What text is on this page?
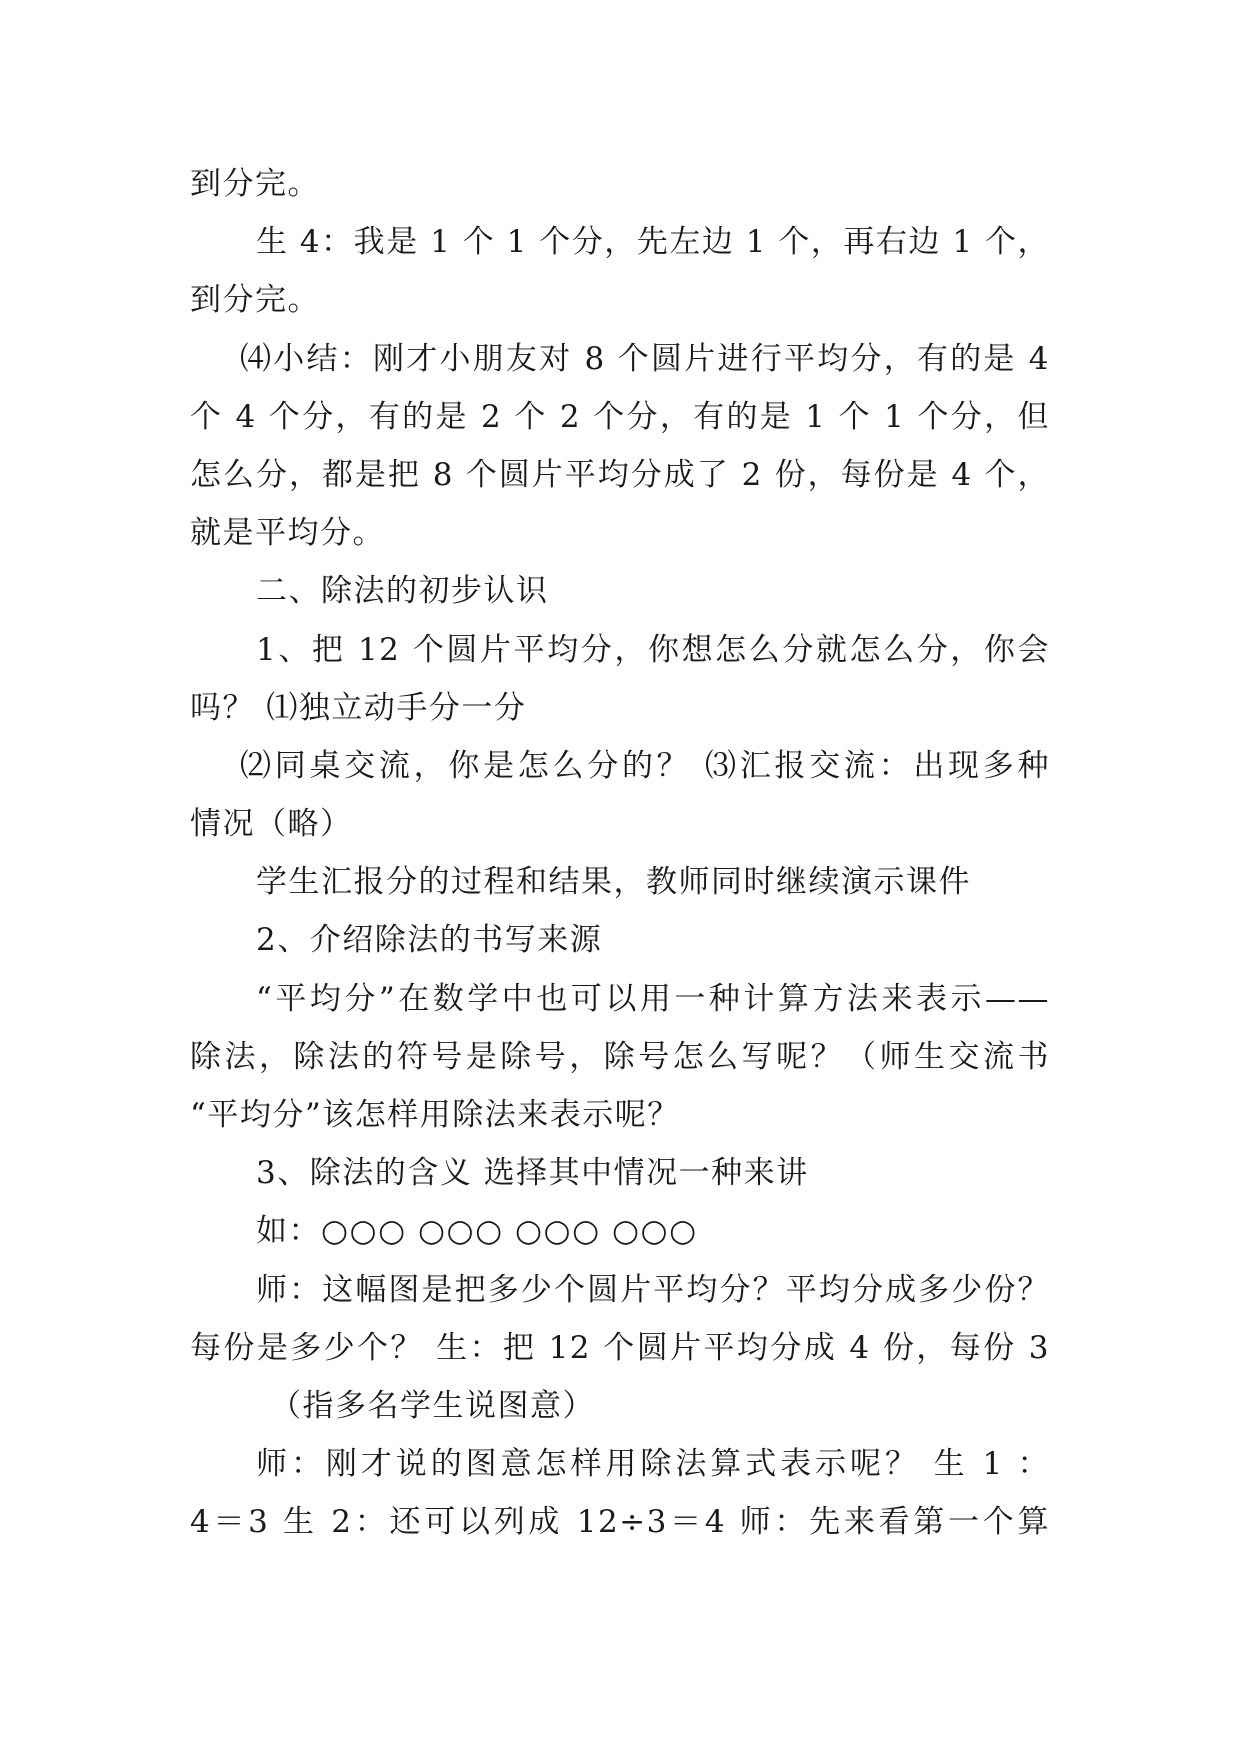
到分完。
生 4：我是 1 个 1 个分，先左边 1 个，再右边 1 个，
到分完。
⑷小结：刚才小朋友对 8 个圆片进行平均分，有的是 4
个 4 个分，有的是 2 个 2 个分，有的是 1 个 1 个分，但
怎么分，都是把 8 个圆片平均分成了 2 份，每份是 4 个，
就是平均分。
二、除法的初步认识
1、把 12 个圆片平均分，你想怎么分就怎么分，你会
吗？ ⑴独立动手分一分
⑵同桌交流，你是怎么分的？ ⑶汇报交流：出现多种
情况（略）
学生汇报分的过程和结果，教师同时继续演示课件
2、介绍除法的书写来源
“平均分”在数学中也可以用一种计算方法来表示——
除法，除法的符号是除号，除号怎么写呢？（师生交流书
“平均分”该怎样用除法来表示呢？
3、除法的含义 选择其中情况一种来讲
如：○○○ ○○○ ○○○ ○○○
师：这幅图是把多少个圆片平均分？平均分成多少份？
每份是多少个？ 生：把 12 个圆片平均分成 4 份，每份 3
（指多名学生说图意）
师：刚才说的图意怎样用除法算式表示呢？ 生 1 ：
4＝3 生 2：还可以列成 12÷3＝4 师：先来看第一个算
